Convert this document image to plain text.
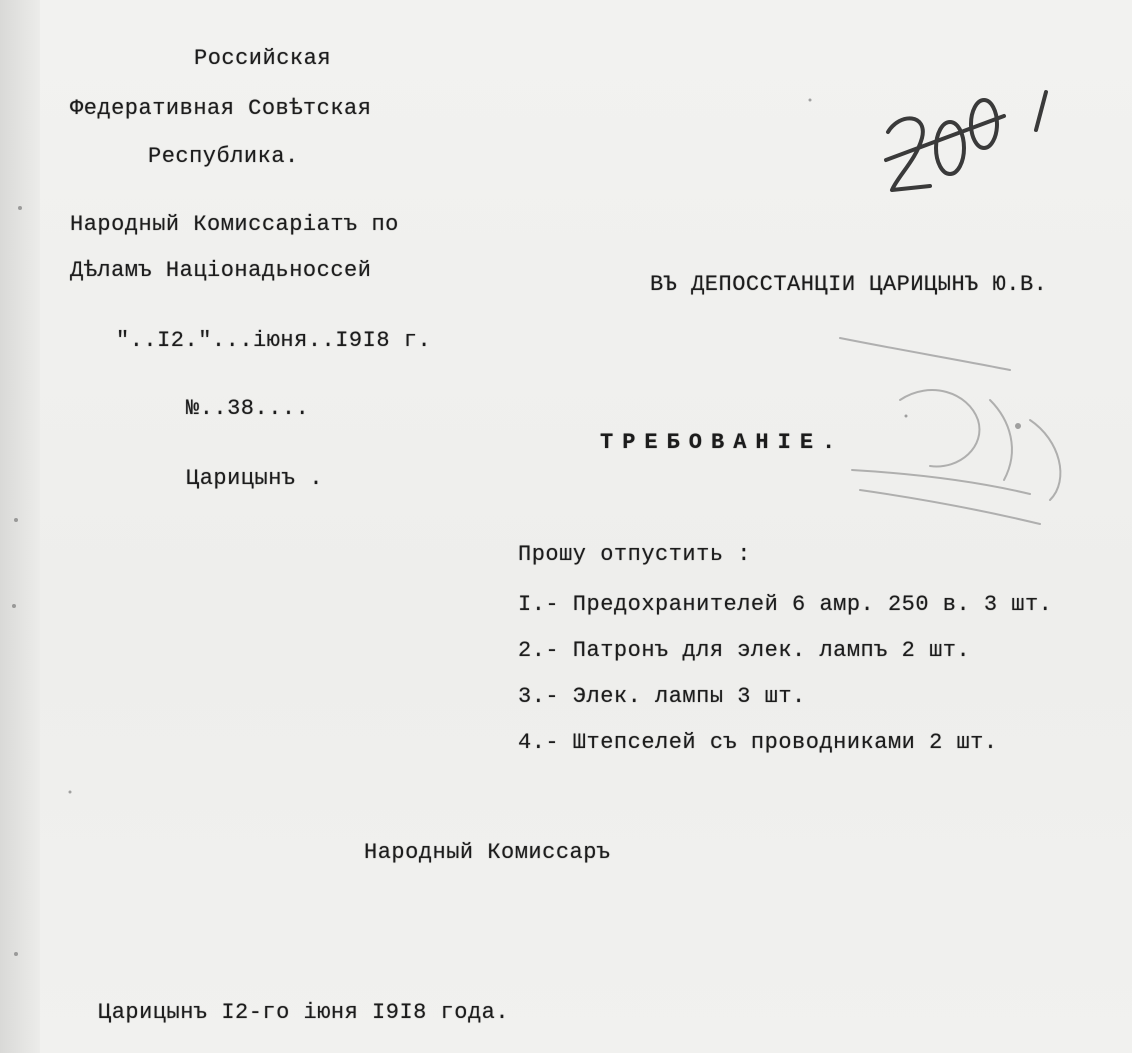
Российская
Федеративная Совѣтская
Республика.
Народный Комиссаріатъ по
Дѣламъ Націонадьноссей
"..I2."...іюня..I9I8 г.
№..38....
Царицынъ .
ВЪ ДЕПОССТАНЦІИ ЦАРИЦЫНЪ Ю.В.
ТРЕБОВАНІЕ.
Прошу отпустить :
I.- Предохранителей 6 амр. 250 в. 3 шт.
2.- Патронъ для элек. лампъ 2 шт.
3.- Элек. лампы 3 шт.
4.- Штепселей съ проводниками 2 шт.
Народный Комиссаръ
Царицынъ I2-го іюня I9I8 года.
